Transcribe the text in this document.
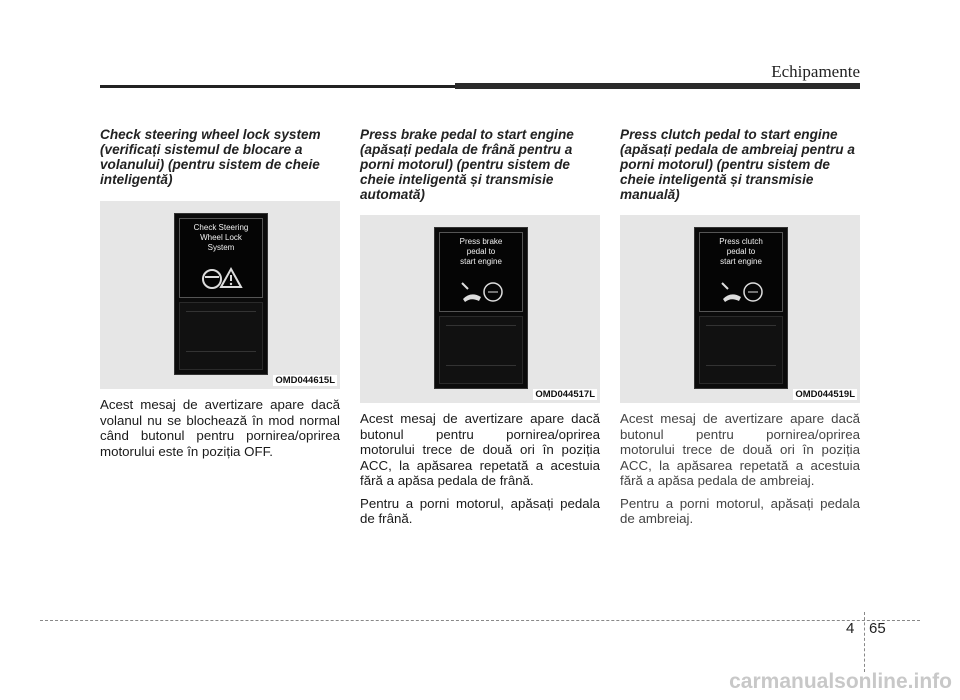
Echipamente

Check steering wheel lock system (verificați sistemul de blocare a volanului) (pentru sistem de cheie inteligentă)

Check Steering
Wheel Lock
System
OMD044615L

Acest mesaj de avertizare apare dacă volanul nu se blochează în mod normal când butonul pentru pornirea/oprirea motorului este în poziția OFF.

Press brake pedal to start engine (apăsați pedala de frână pentru a porni motorul) (pentru sistem de cheie inteligentă și transmisie automată)

Press brake
pedal to
start engine
OMD044517L

Acest mesaj de avertizare apare dacă butonul pentru pornirea/oprirea motorului trece de două ori în poziția ACC, la apăsarea repetată a acestuia fără a apăsa pedala de frână.

Pentru a porni motorul, apăsați pedala de frână.

Press clutch pedal to start engine (apăsați pedala de ambreiaj pentru a porni motorul) (pentru sistem de cheie inteligentă și transmisie manuală)

Press clutch
pedal to
start engine
OMD044519L

Acest mesaj de avertizare apare dacă butonul pentru pornirea/oprirea motorului trece de două ori în poziția ACC, la apăsarea repetată a acestuia fără a apăsa pedala de ambreiaj.

Pentru a porni motorul, apăsați pedala de ambreiaj.

4 65
carmanualsonline.info
